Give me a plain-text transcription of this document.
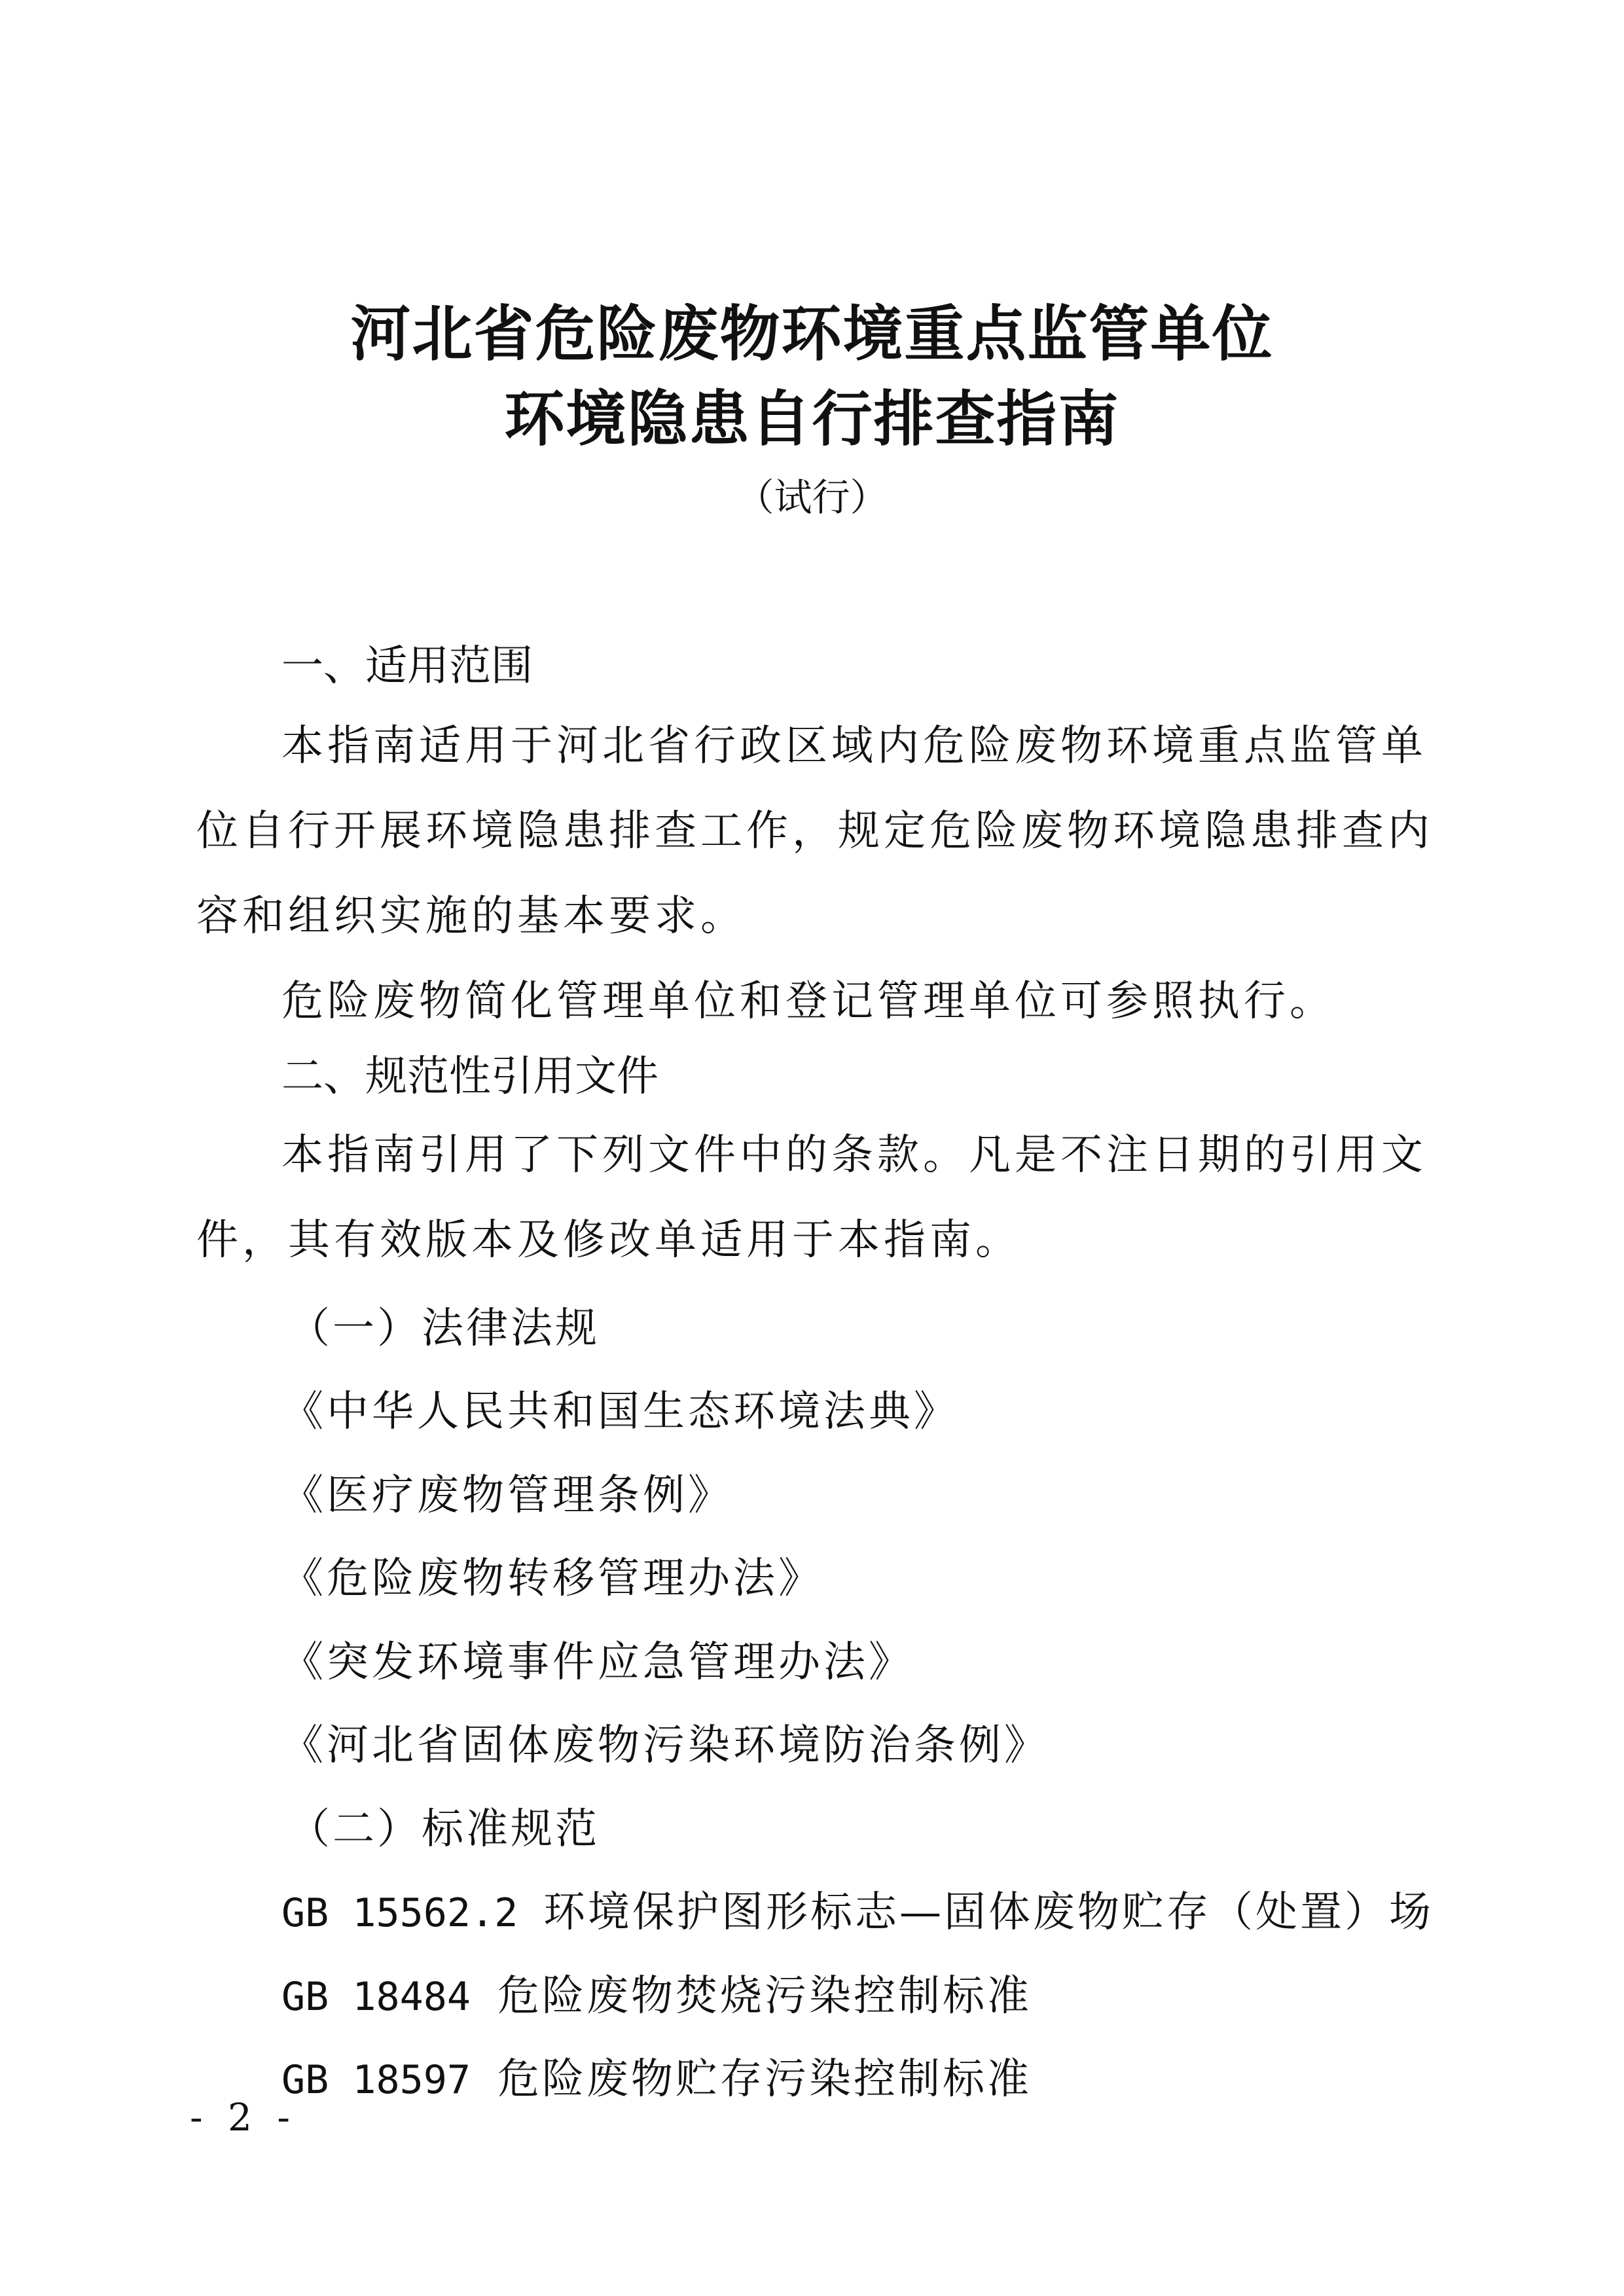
河北省危险废物环境重点监管单位
环境隐患自行排查指南
（试行）
一、适用范围

本指南适用于河北省行政区域内危险废物环境重点监管单位自行开展环境隐患排查工作，规定危险废物环境隐患排查内容和组织实施的基本要求。

危险废物简化管理单位和登记管理单位可参照执行。

二、规范性引用文件

本指南引用了下列文件中的条款。凡是不注日期的引用文件，其有效版本及修改单适用于本指南。

（一）法律法规
《中华人民共和国生态环境法典》
《医疗废物管理条例》
《危险废物转移管理办法》
《突发环境事件应急管理办法》
《河北省固体废物污染环境防治条例》
（二）标准规范
GB 15562.2 环境保护图形标志—固体废物贮存（处置）场
GB 18484 危险废物焚烧污染控制标准
GB 18597 危险废物贮存污染控制标准
- 2 -
